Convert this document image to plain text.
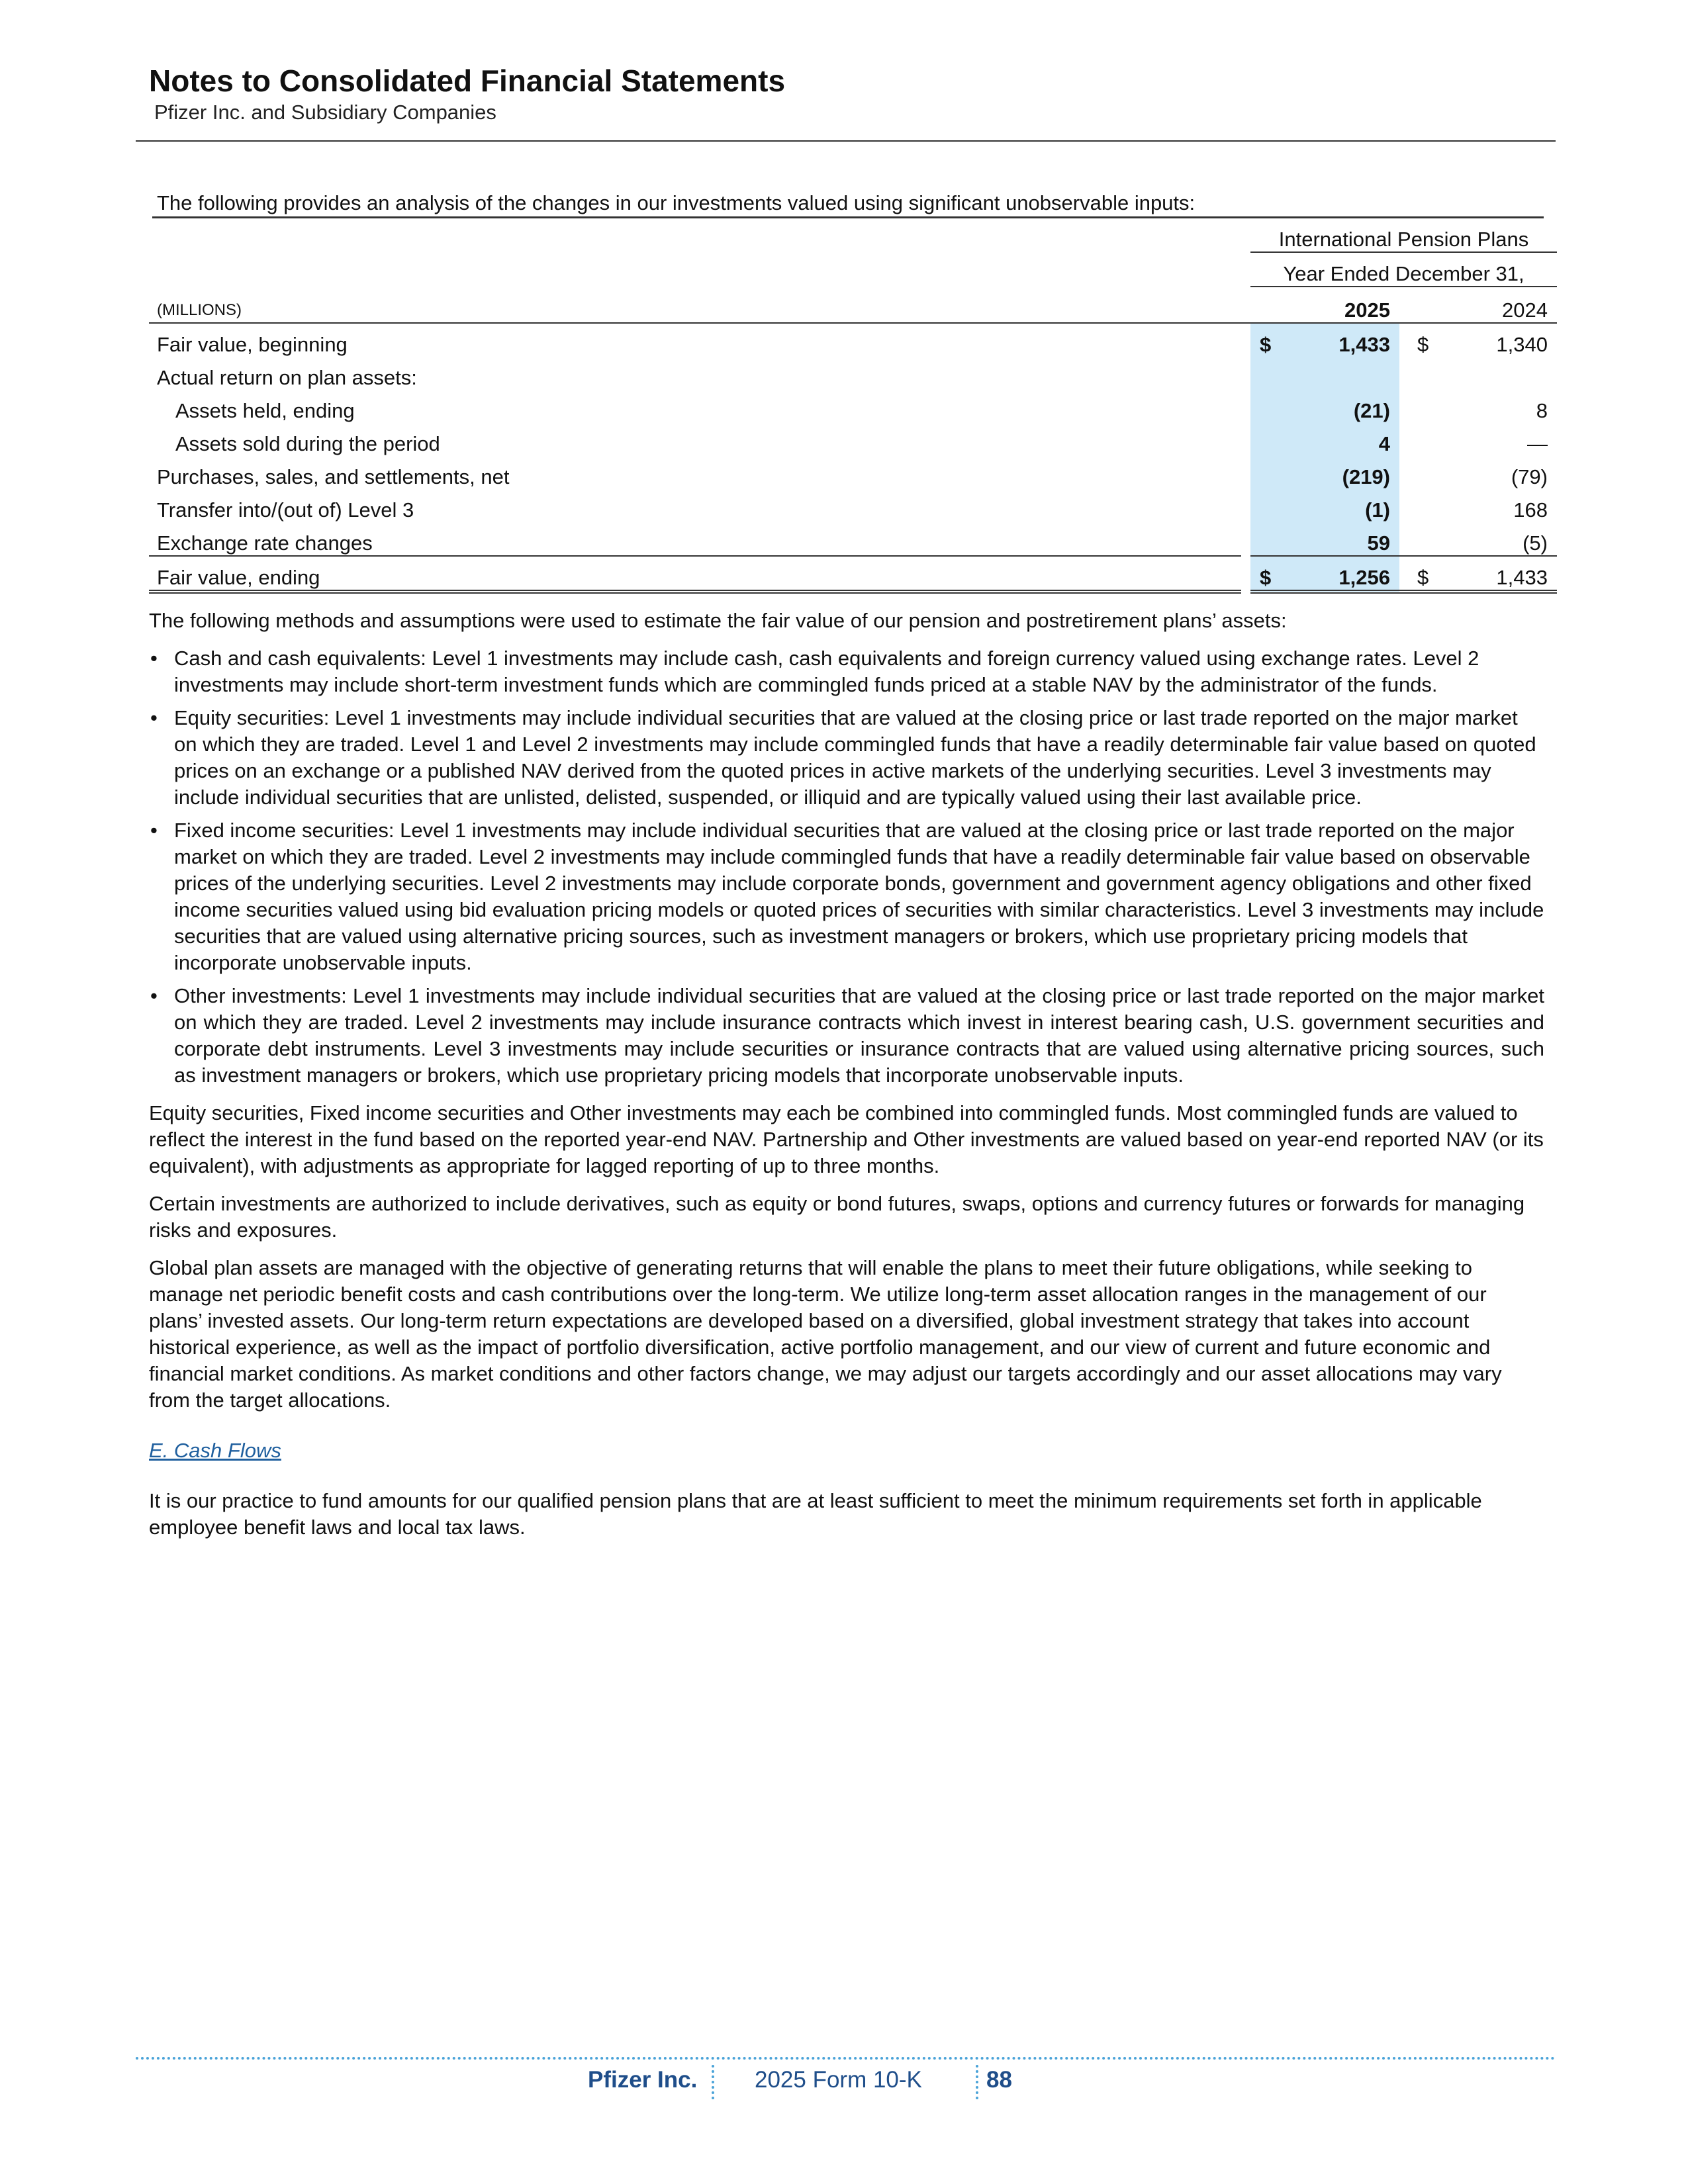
Notes to Consolidated Financial Statements
Pfizer Inc. and Subsidiary Companies
The following provides an analysis of the changes in our investments valued using significant unobservable inputs:
		International Pension Plans				
		Year Ended December 31,				
(MILLIONS)		2025			2024	
Fair value, beginning		$	1,433		$	1,340
Actual return on plan assets:						
Assets held, ending			(21)			8
Assets sold during the period			4			—
Purchases, sales, and settlements, net			(219)			(79)
Transfer into/(out of) Level 3			(1)			168
Exchange rate changes			59			(5)
Fair value, ending		$	1,256		$	1,433

The following methods and assumptions were used to estimate the fair value of our pension and postretirement plans’ assets:

• Cash and cash equivalents: Level 1 investments may include cash, cash equivalents and foreign currency valued using exchange rates. Level 2 investments may include short-term investment funds which are commingled funds priced at a stable NAV by the administrator of the funds.
• Equity securities: Level 1 investments may include individual securities that are valued at the closing price or last trade reported on the major market on which they are traded. Level 1 and Level 2 investments may include commingled funds that have a readily determinable fair value based on quoted prices on an exchange or a published NAV derived from the quoted prices in active markets of the underlying securities. Level 3 investments may include individual securities that are unlisted, delisted, suspended, or illiquid and are typically valued using their last available price.
• Fixed income securities: Level 1 investments may include individual securities that are valued at the closing price or last trade reported on the major market on which they are traded. Level 2 investments may include commingled funds that have a readily determinable fair value based on observable prices of the underlying securities. Level 2 investments may include corporate bonds, government and government agency obligations and other fixed income securities valued using bid evaluation pricing models or quoted prices of securities with similar characteristics. Level 3 investments may include securities that are valued using alternative pricing sources, such as investment managers or brokers, which use proprietary pricing models that incorporate unobservable inputs.
• Other investments: Level 1 investments may include individual securities that are valued at the closing price or last trade reported on the major market on which they are traded. Level 2 investments may include insurance contracts which invest in interest bearing cash, U.S. government securities and corporate debt instruments. Level 3 investments may include securities or insurance contracts that are valued using alternative pricing sources, such as investment managers or brokers, which use proprietary pricing models that incorporate unobservable inputs.

Equity securities, Fixed income securities and Other investments may each be combined into commingled funds. Most commingled funds are valued to reflect the interest in the fund based on the reported year-end NAV. Partnership and Other investments are valued based on year-end reported NAV (or its equivalent), with adjustments as appropriate for lagged reporting of up to three months.

Certain investments are authorized to include derivatives, such as equity or bond futures, swaps, options and currency futures or forwards for managing risks and exposures.

Global plan assets are managed with the objective of generating returns that will enable the plans to meet their future obligations, while seeking to manage net periodic benefit costs and cash contributions over the long-term. We utilize long-term asset allocation ranges in the management of our plans’ invested assets. Our long-term return expectations are developed based on a diversified, global investment strategy that takes into account historical experience, as well as the impact of portfolio diversification, active portfolio management, and our view of current and future economic and financial market conditions. As market conditions and other factors change, we may adjust our targets accordingly and our asset allocations may vary from the target allocations.

E. Cash Flows

It is our practice to fund amounts for our qualified pension plans that are at least sufficient to meet the minimum requirements set forth in applicable employee benefit laws and local tax laws.

Pfizer Inc. 2025 Form 10-K	88
